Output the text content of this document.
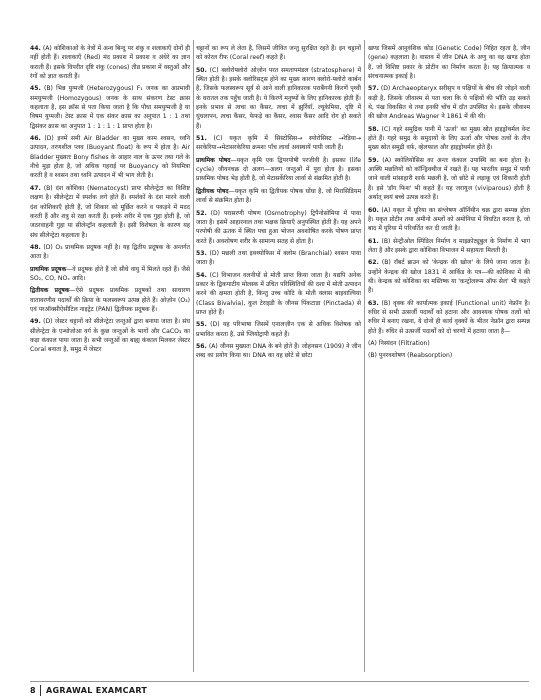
44. (A) कोशिकाओं के नेत्रों में अन्ध बिन्दु पर शंकु व शलाकाएँ दोनों ही नहीं होती हैं। शलाकाएँ (Red) मंद प्रकाश में प्रकाश व अंधेरे का ज्ञान कराती हैं। इसके विपरीत दृष्टि शंकु (cones) तीव्र प्रकाश में वस्तुओं और रंगों को ज्ञात कराती हैं।
45. (B) भिन्न युग्मजी (Heterozygous) F₁ जनक का अप्रभावी समयुग्मजी (Homozygous) जनक के साथ संकरण टेस्ट क्रास कहलाता है, इस क्रॉस से पता किया जाता है कि पौधा समयुग्मजी है या विषम युग्मजी। टेस्ट क्रास में एक संकर क्रास का अनुपात 1 : 1 तथा द्विसंकर क्रास का अनुपात 1 : 1 : 1 : 1 प्राप्त होता है।
46. (D) इनमें समी Air Bladder का मुख्य काम श्वसन, ध्वनि उत्पादन, तरणशील प्लव (Buoyant float) के रूप में होता है। Air Bladder मुख्यतः Bony fishes के आहार नाल के ऊपर तथा गले के नीचे मुड़ा होता है, जो अधिक गहराई पर Buoyancy को नियमित्रा करती है व श्वसन तथा ध्वनि उत्पादन में भी भाग लेती है।
47. (B) दंश कोशिका (Nematocyst) प्रायः सीलेन्ट्रेटा का विशिष्ट लक्षण है। सीलेन्ट्रेटा में स्पर्शक लगे होते हैं। स्पर्शकों के दंश मारने वाली दंश कोशिकाएँ होती हैं, जो शिकार को मूर्छित करने व पकड़ने में मदद करती हैं और शत्रु से रक्षा करती हैं। इनके शरीर में एक गुहा होती है, जो जठरवाहनी गुहा या सीलेन्ट्रॉन कहलाती है। इसी विशेषता के कारण यह संघ सीलेन्ट्रेटा कहलाता है।
48. (D) O₃ प्राथमिक प्रदूषक नहीं है। यह द्वितीय प्रदूषक के अन्तर्गत आता है।
प्राथमिक प्रदूषक—वे प्रदूषक होते हैं जो सीधे वायु में मिलते रहते हैं। जैसे SO₂, CO, NOₓ आदि।
द्वितीयक प्रदूषक—ऐसे प्रदूषक प्राथमिक प्रदूषकों तथा साधारण वातावरणीय पदार्थों की क्रिया के फलस्वरूप उत्पन्न होते हैं। ओज़ोन (O₃) एवं परऑक्सीऐसीटिल नाइट्रेट (PAN) द्वितीयक प्रदूषक हैं।
49. (D) जेस्टर चट्टानों को सीलेन्ट्रेटा जन्तुओं द्वारा बनाया जाता है। संघ सीलेन्ट्रेटा के एन्थोजोआ वर्ग के कुछ जन्तुओं के भागों और CaCO₃ का कड़ा कंकाल पाया जाता है। सभी जन्तुओं का बाह्य कंकाल मिलकर जेस्टर Coral बनाता है, समुद्र में जेस्टर
चट्टानों का रूप ले लेता है, जिसमें जीवित जन्तु सुरक्षित रहते हैं। इन चट्टानों को कोरल रीफ (Coral reef) कहते हैं।
50. (C) क्लोरोफ्लोरो ओज़ोन परत समतापमंडल (stratosphere) में स्थित होती है। इसके क्लोरिसट्स होने का मुख्य कारण क्लोरो-फ्लोरो कार्बन है, जिसके फलस्वरूप सूर्य से आने वाली हानिकारक पराबैंगनी किरणें पृथ्वी के धरातल तक पहुँच जाती है। ये किरणें मनुष्यों के लिए हानिकारक होती हैं। इनके प्रभाव से त्वचा का कैंसर, त्वचा में झुर्रियाँ, ल्यूकेमिया, दृष्टि में धुंधलापन, त्वचा कैंसर, फेफड़े का कैंसर, श्वास कैंसर आदि रोग हो सकते हैं।
51. (C) यकृत कृमि में सिस्टोसिस→ स्पोरोसिस्ट →रेडिया→ सरकेरिया→मेटासरकेरिया क्रमशः पाँच लार्वा अवस्थायें पायी जाती हैं।
प्राथमिक पोषद—यकृत कृमि एक द्विपरपोषी परजीवी है। इसका (life cycle) जीवनचक्र दो अलग—अलग जन्तुओं में पूरा होता है। इसका प्राथमिक पोषद भेड़ होती है, जो मेटासर्केरिया लार्वा से संक्रमित होती है।
द्वितीयक पोषद—यकृत कृमि का द्वितीयक पोषक घोंघा है, जो मिरासिडियम लार्वा से संक्रमित होता है।
52. (D) परासरणी पोषण (Osmotrophy) ट्रिपैनोसोमिया में पाया जाता है। इसमें आहारनाल तथा भक्षक क्रियाएँ अनुपस्थित होती हैं। यह अपने परपोषी की ऊतक में स्थित पचा हुआ भोजन अवशोषित करके पोषण प्राप्त करते हैं। अवशोषण शरीर के सामान्य सतह से होता है।
53. (D) मछली तथा इक्थ्योफिस में क्लोम (Branchial) श्वसन पाया जाता है।
54. (C) विभाजन वलनीयों से मोती प्राप्त किया जाता है। यद्यपि अनेक प्रकार के द्विकपाटीय मोलस्क में उचित परिस्थितियों की दशा में मोती उत्पादन करने की क्षमता होती है, किन्तु उच्च कोटि के मोती क्लास बाइवाल्विया (Class Bivalvia), कुल टेराइडी के जीनस पिंकटाडा (Pinctada) से प्राप्त होते हैं।
55. (D) यह परिभाषा जिसमें एनालज़ीन एक से अधिक विशेषक को प्रभावित करता है, उसे प्लियोट्रापी कहते हैं।
56. (A) जीनस मुख्यतः DNA के बने होते हैं। जोहनसन (1909) ने जीन शब्द का प्रयोग किया था। DNA का वह छोटे से छोटा
खण्ड जिसमें आनुवंशिक कोड (Genetic Code) निहित रहता है, जीन (gene) कहलाता है। वास्तव में जीन DNA के अणु का वह खण्ड होता है, जो विशिष्ट प्रकार के प्रोटीन का निर्माण करता है। यह क्रियात्मक व संरचनात्मक इकाई है।
57. (D) Archaeopteryx सरीसृप व पक्षियों के बीच की जोड़ने वाली कड़ी है, जिसके जीवाश्म से पता चला कि ये पक्षियों की भाँति उड़ सकते थे, पंख विकसित थे तथा इनकी चोंच में दाँत उपस्थित थे। इसके जीवाश्म की खोज Andreas Wagner ने 1861 में की थी।
58. (C) गहरे समुद्रिक पानी में 'ऊर्जा' का मुख्य स्रोत हाइड्रोथर्मल वेन्ट होते हैं। गहरे समुद्र के समुदायों के लिए ऊर्जा और पोषक तत्वों के तीन मुख्य स्रोत समुद्री वर्फ़, व्हेलफाल और हाइड्रोथर्मल होते हैं।
59. (A) स्कोलियोसिस का अन्तः कंकाल उपास्थि का बना होता है। आस्थि मछलियों को कॉन्ड्रिक्थीज में रखते हैं। यह भारतीय समुद्र में पायी जाने वाली मांसाहारी शार्क मछली है, जो छोटे से लड़ाकू एवं शिकारी होती है। इसे 'डॉग फिश' भी कहते हैं। यह जरायुज (viviparous) होती है अर्थात् स्वयं बच्चे उत्पन्न करते हैं।
60. (A) यकृत में यूरिया का संश्लेषण ऑर्निथीन चक्र द्वारा सम्पन्न होता है। यकृत प्रोटीन तथा अमीनो अम्लों को अमोनिया में विघटित करता है, जो बाद में यूरिया में परिवर्तित कर दी जाती है।
61. (B) सेन्ट्रीओल स्पिंडिल निर्माण व माइक्रोट्यूबुल के निर्माण में भाग लेता है और इसके द्वारा कोशिका विभाजन में सहायता मिलती है।
62. (B) रॉबर्ट ब्राउन को 'केन्द्रक की खोज' के लिये जाना जाता है। उन्होंने केन्द्रक की खोज 1831 में आर्किड के पत्र—की कोशिका में की थी। केन्द्रक को कोशिका का मस्तिष्क या 'कन्ट्रोलरूम ऑफ सेल' भी कहते हैं।
63. (B) वृक्क की कार्यात्मक इकाई (Functional unit) नेफ्रॉन है। रुधिर से सभी उत्सर्जी पदार्थों को हटाना और आवश्यक पोषक तत्वों को रुधिर में बनाए रखना, ये दोनों ही कार्य वृक्कों के भीतर नेफ्रॉन द्वारा सम्पन्न होते हैं। रुधिर से उत्सर्जी पदार्थों को दो चरणों में हटाया जाता है—
(A) निस्यंदन (Filtration)
(B) पुनरवशोषण (Reabsorption)
8 AGRAWAL EXAMCART
